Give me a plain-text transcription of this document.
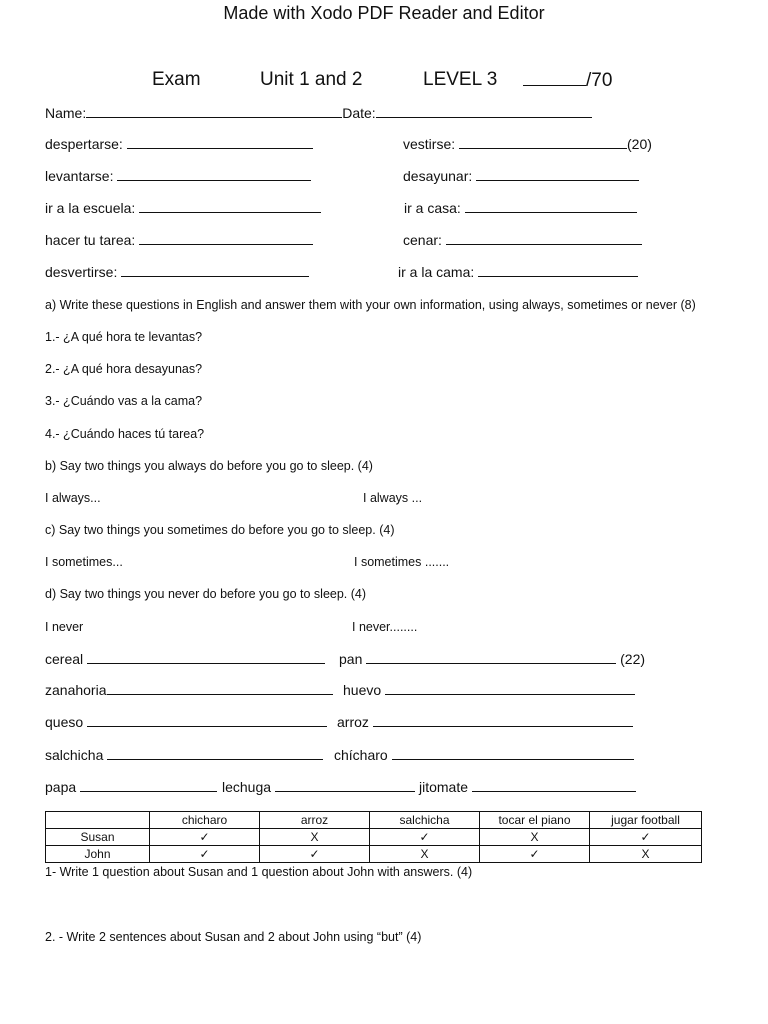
Made with Xodo PDF Reader and Editor
Exam	Unit 1 and 2	LEVEL 3	/70
Name:	Date:
despertarse:	vestirse:	(20)
levantarse:	desayunar:
ir a la escuela:	ir a casa:
hacer tu tarea:	cenar:
desvertirse:	ir a la cama:
a) Write these questions in English and answer them with your own information, using always, sometimes or never (8)
1.- ¿A qué hora te levantas?
2.- ¿A qué hora desayunas?
3.- ¿Cuándo vas a la cama?
4.- ¿Cuándo haces tú tarea?
b) Say two things you always do before you go to sleep. (4)
I always...	I always ...
c) Say two things you sometimes do before you go to sleep. (4)
I sometimes...	I sometimes .......
d) Say two things you never do before you go to sleep. (4)
I never	I never........
cereal	pan	(22)
zanahoria	huevo
queso	arroz
salchicha	chícharo
papa	lechuga	jitomate
	chicharo	arroz	salchicha	tocar el piano	jugar football
Susan	✓	X	✓	X	✓
John	✓	✓	X	✓	X
1- Write 1 question about Susan and 1 question about John with answers. (4)
2. - Write 2 sentences about Susan and 2 about John using “but” (4)
